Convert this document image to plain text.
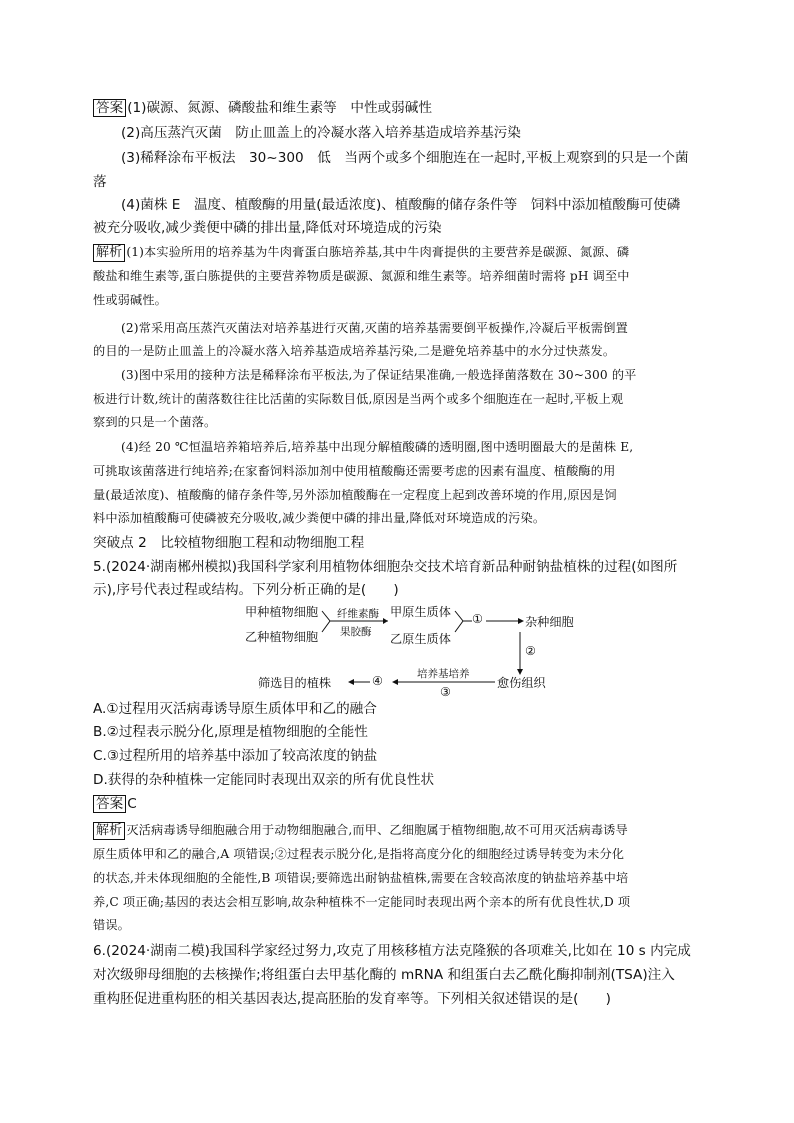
答案 (1)碳源、氮源、磷酸盐和维生素等　中性或弱碱性
(2)高压蒸汽灭菌　防止皿盖上的冷凝水落入培养基造成培养基污染
(3)稀释涂布平板法　30~300　低　当两个或多个细胞连在一起时,平板上观察到的只是一个菌
落
(4)菌株 E　温度、植酸酶的用量(最适浓度)、植酸酶的储存条件等　饲料中添加植酸酶可使磷
被充分吸收,减少粪便中磷的排出量,降低对环境造成的污染
解析 (1)本实验所用的培养基为牛肉膏蛋白胨培养基,其中牛肉膏提供的主要营养是碳源、氮源、磷
酸盐和维生素等,蛋白胨提供的主要营养物质是碳源、氮源和维生素等。培养细菌时需将 pH 调至中
性或弱碱性。
(2)常采用高压蒸汽灭菌法对培养基进行灭菌,灭菌的培养基需要倒平板操作,冷凝后平板需倒置
的目的一是防止皿盖上的冷凝水落入培养基造成培养基污染,二是避免培养基中的水分过快蒸发。
(3)图中采用的接种方法是稀释涂布平板法,为了保证结果准确,一般选择菌落数在 30~300 的平
板进行计数,统计的菌落数往往比活菌的实际数目低,原因是当两个或多个细胞连在一起时,平板上观
察到的只是一个菌落。
(4)经 20 ℃恒温培养箱培养后,培养基中出现分解植酸磷的透明圈,图中透明圈最大的是菌株 E,
可挑取该菌落进行纯培养;在家畜饲料添加剂中使用植酸酶还需要考虑的因素有温度、植酸酶的用
量(最适浓度)、植酸酶的储存条件等,另外添加植酸酶在一定程度上起到改善环境的作用,原因是饲
料中添加植酸酶可使磷被充分吸收,减少粪便中磷的排出量,降低对环境造成的污染。
突破点 2　比较植物细胞工程和动物细胞工程
5.(2024·湖南郴州模拟)我国科学家利用植物体细胞杂交技术培育新品种耐钠盐植株的过程(如图所
示),序号代表过程或结构。下列分析正确的是(　　)
甲种植物细胞
乙种植物细胞
纤维素酶
果胶酶
甲原生质体
乙原生质体
①	杂种细胞
②
愈伤组织
培养基培养
③
④
筛选目的植株
A.①过程用灭活病毒诱导原生质体甲和乙的融合
B.②过程表示脱分化,原理是植物细胞的全能性
C.③过程所用的培养基中添加了较高浓度的钠盐
D.获得的杂种植株一定能同时表现出双亲的所有优良性状
答案 C
解析 灭活病毒诱导细胞融合用于动物细胞融合,而甲、乙细胞属于植物细胞,故不可用灭活病毒诱导
原生质体甲和乙的融合,A 项错误;②过程表示脱分化,是指将高度分化的细胞经过诱导转变为未分化
的状态,并未体现细胞的全能性,B 项错误;要筛选出耐钠盐植株,需要在含较高浓度的钠盐培养基中培
养,C 项正确;基因的表达会相互影响,故杂种植株不一定能同时表现出两个亲本的所有优良性状,D 项
错误。
6.(2024·湖南二模)我国科学家经过努力,攻克了用核移植方法克隆猴的各项难关,比如在 10 s 内完成
对次级卵母细胞的去核操作;将组蛋白去甲基化酶的 mRNA 和组蛋白去乙酰化酶抑制剂(TSA)注入
重构胚促进重构胚的相关基因表达,提高胚胎的发育率等。下列相关叙述错误的是(　　)
